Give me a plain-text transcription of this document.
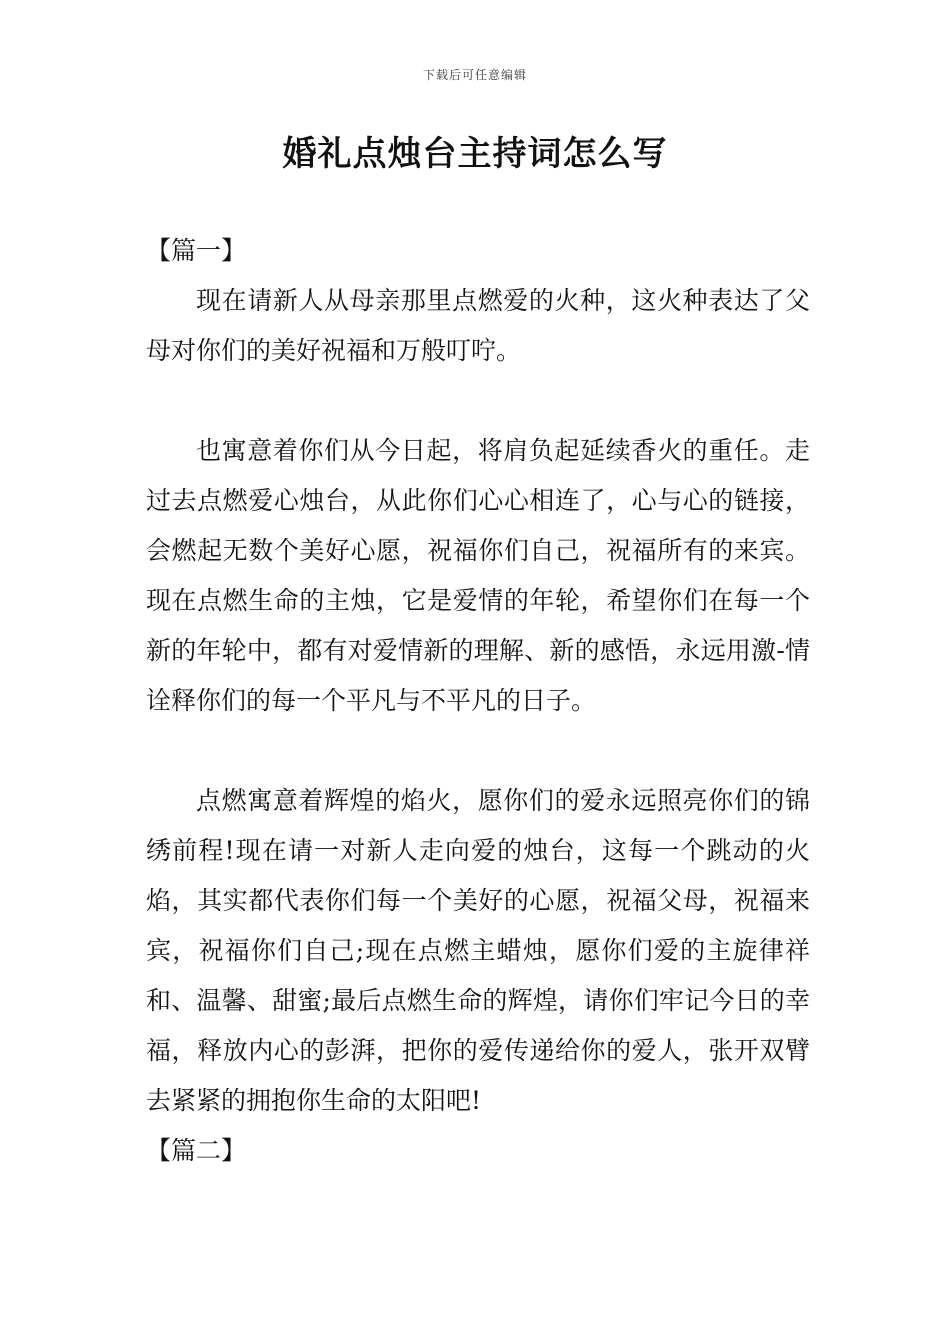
下载后可任意编辑
婚礼点烛台主持词怎么写
【篇一】

现在请新人从母亲那里点燃爱的火种，这火种表达了父母对你们的美好祝福和万般叮咛。

也寓意着你们从今日起，将肩负起延续香火的重任。走过去点燃爱心烛台，从此你们心心相连了，心与心的链接，会燃起无数个美好心愿，祝福你们自己，祝福所有的来宾。现在点燃生命的主烛，它是爱情的年轮，希望你们在每一个新的年轮中，都有对爱情新的理解、新的感悟，永远用激-情诠释你们的每一个平凡与不平凡的日子。

点燃寓意着辉煌的焰火，愿你们的爱永远照亮你们的锦绣前程!现在请一对新人走向爱的烛台，这每一个跳动的火焰，其实都代表你们每一个美好的心愿，祝福父母，祝福来宾，祝福你们自己;现在点燃主蜡烛，愿你们爱的主旋律祥和、温馨、甜蜜;最后点燃生命的辉煌，请你们牢记今日的幸福，释放内心的彭湃，把你的爱传递给你的爱人，张开双臂去紧紧的拥抱你生命的太阳吧!

【篇二】
